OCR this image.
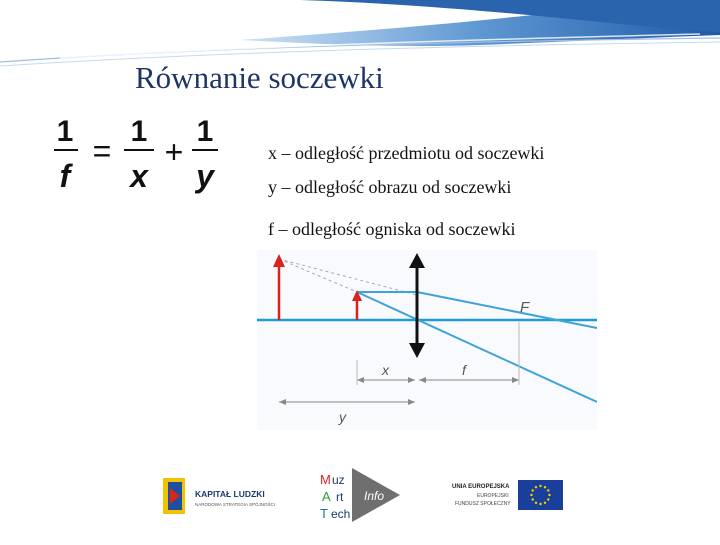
Równanie soczewki
1
f
=
1
x
+
1
y
x – odległość przedmiotu od soczewki
y – odległość obrazu od soczewki
f – odległość ogniska od soczewki
F
x	f
y
KAPITAŁ LUDZKI
NARODOWA STRATEGIA SPÓJNOŚCI
M uz
A rt
T ech
Info
UNIA EUROPEJSKA
EUROPEJSKI
FUNDUSZ SPOŁECZNY
